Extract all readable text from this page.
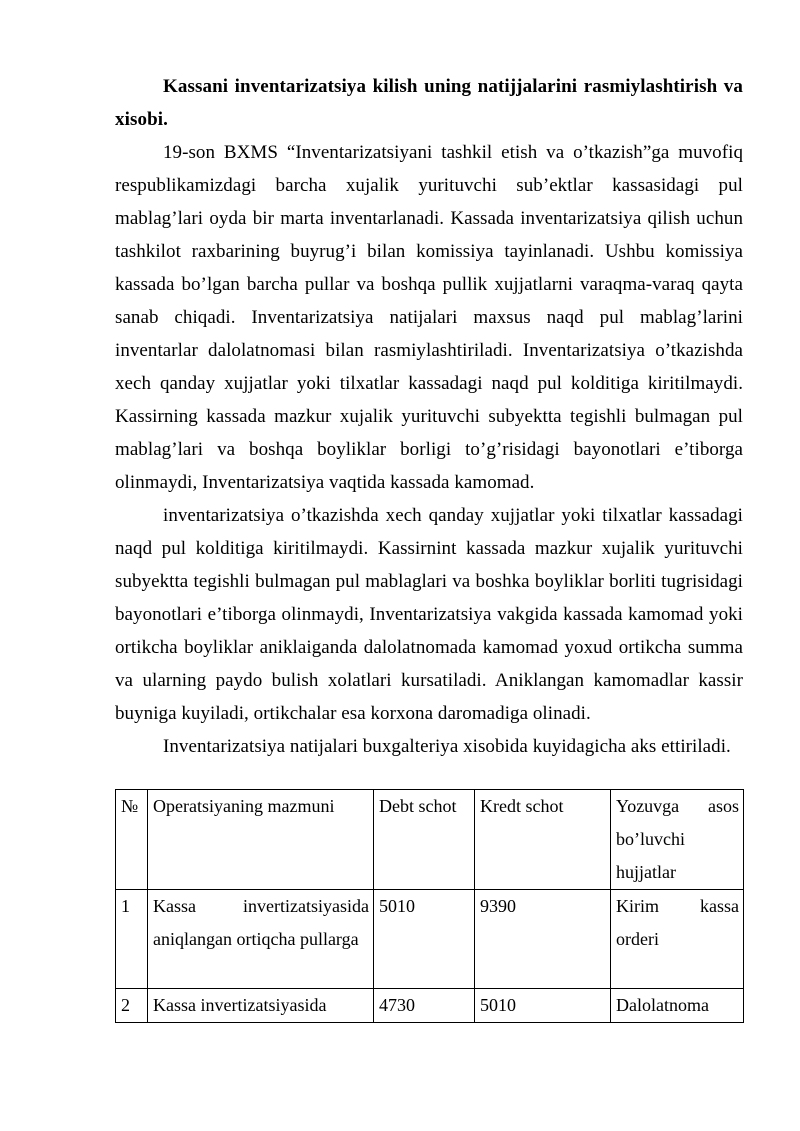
Kassani inventarizatsiya kilish uning natijjalarini rasmiylashtirish va xisobi.

19-son BXMS “Inventarizatsiyani tashkil etish va o’tkazish”ga muvofiq respublikamizdagi barcha xujalik yurituvchi sub’ektlar kassasidagi pul mablag’lari oyda bir marta inventarlanadi. Kassada inventarizatsiya qilish uchun tashkilot raxbarining buyrug’i bilan komissiya tayinlanadi. Ushbu komissiya kassada bo’lgan barcha pullar va boshqa pullik xujjatlarni varaqma-varaq qayta sanab chiqadi. Inventarizatsiya natijalari maxsus naqd pul mablag’larini inventarlar dalolatnomasi bilan rasmiylashtiriladi. Inventarizatsiya o’tkazishda xech qanday xujjatlar yoki tilxatlar kassadagi naqd pul kolditiga kiritilmaydi. Kassirning kassada mazkur xujalik yurituvchi subyektta tegishli bulmagan pul mablag’lari va boshqa boyliklar borligi to’g’risidagi bayonotlari e’tiborga olinmaydi, Inventarizatsiya vaqtida kassada kamomad.

inventarizatsiya o’tkazishda xech qanday xujjatlar yoki tilxatlar kassadagi naqd pul kolditiga kiritilmaydi. Kassirnint kassada mazkur xujalik yurituvchi subyektta tegishli bulmagan pul mablaglari va boshka boyliklar borliti tugrisidagi bayonotlari e’tiborga olinmaydi, Inventarizatsiya vakgida kassada kamomad yoki ortikcha boyliklar aniklaiganda dalolatnomada kamomad yoxud ortikcha summa va ularning paydo bulish xolatlari kursatiladi. Aniklangan kamomadlar kassir buyniga kuyiladi, ortikchalar esa korxona daromadiga olinadi.

Inventarizatsiya natijalari buxgalteriya xisobida kuyidagicha aks ettiriladi.

№	Operatsiyaning mazmuni	Debt schot	Kredt schot	Yozuvga asos bo’luvchi hujjatlar
1	Kassa invertizatsiyasida aniqlangan ortiqcha pullarga	5010	9390	Kirim kassa orderi
2	Kassa invertizatsiyasida	4730	5010	Dalolatnoma
